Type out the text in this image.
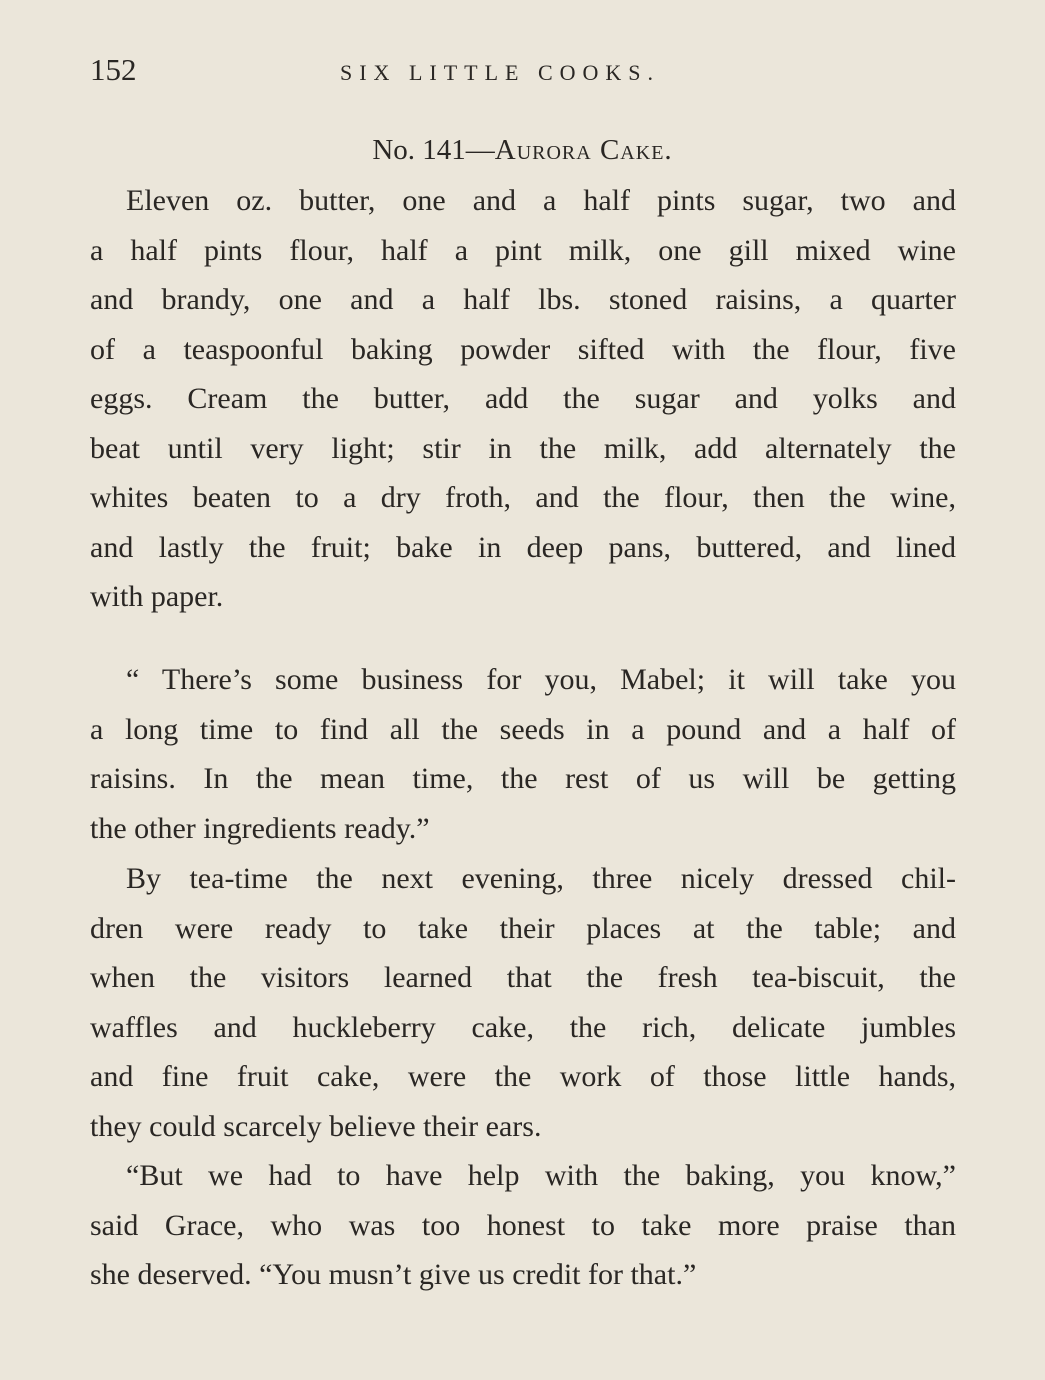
152	SIX LITTLE COOKS.
No. 141—Aurora Cake.
Eleven oz. butter, one and a half pints sugar, two and
a half pints flour, half a pint milk, one gill mixed wine
and brandy, one and a half lbs. stoned raisins, a quarter
of a teaspoonful baking powder sifted with the flour, five
eggs. Cream the butter, add the sugar and yolks and
beat until very light; stir in the milk, add alternately the
whites beaten to a dry froth, and the flour, then the wine,
and lastly the fruit; bake in deep pans, buttered, and lined
with paper.
“ There’s some business for you, Mabel; it will take you
a long time to find all the seeds in a pound and a half of
raisins. In the mean time, the rest of us will be getting
the other ingredients ready.”
By tea-time the next evening, three nicely dressed chil-
dren were ready to take their places at the table; and
when the visitors learned that the fresh tea-biscuit, the
waffles and huckleberry cake, the rich, delicate jumbles
and fine fruit cake, were the work of those little hands,
they could scarcely believe their ears.
“But we had to have help with the baking, you know,”
said Grace, who was too honest to take more praise than
she deserved. “You musn’t give us credit for that.”
